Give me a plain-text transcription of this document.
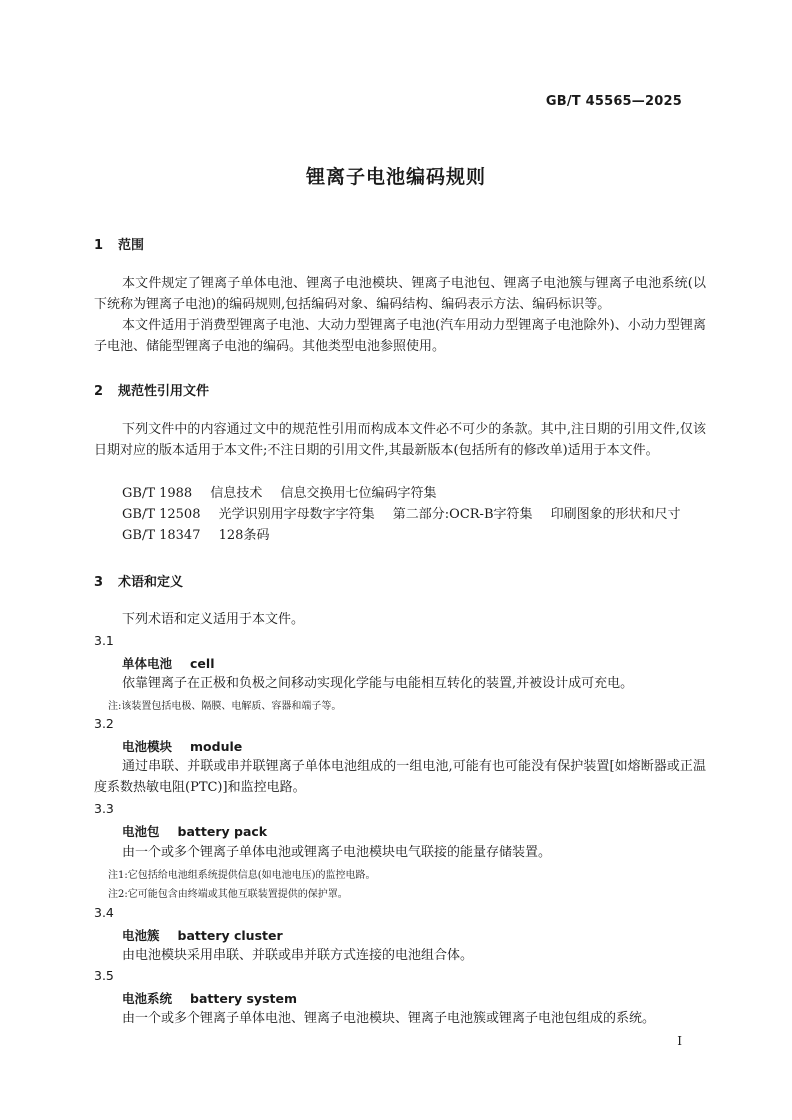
GB/T 45565—2025
锂离子电池编码规则
1 范围
本文件规定了锂离子单体电池、锂离子电池模块、锂离子电池包、锂离子电池簇与锂离子电池系统(以下统称为锂离子电池)的编码规则,包括编码对象、编码结构、编码表示方法、编码标识等。
本文件适用于消费型锂离子电池、大动力型锂离子电池(汽车用动力型锂离子电池除外)、小动力型锂离子电池、储能型锂离子电池的编码。其他类型电池参照使用。
2 规范性引用文件
下列文件中的内容通过文中的规范性引用而构成本文件必不可少的条款。其中,注日期的引用文件,仅该日期对应的版本适用于本文件;不注日期的引用文件,其最新版本(包括所有的修改单)适用于本文件。
GB/T 1988 信息技术 信息交换用七位编码字符集
GB/T 12508 光学识别用字母数字字符集 第二部分:OCR-B字符集 印刷图象的形状和尺寸
GB/T 18347 128条码
3 术语和定义
下列术语和定义适用于本文件。
3.1
单体电池 cell
依靠锂离子在正极和负极之间移动实现化学能与电能相互转化的装置,并被设计成可充电。
注:该装置包括电极、隔膜、电解质、容器和端子等。
3.2
电池模块 module
通过串联、并联或串并联锂离子单体电池组成的一组电池,可能有也可能没有保护装置[如熔断器或正温度系数热敏电阻(PTC)]和监控电路。
3.3
电池包 battery pack
由一个或多个锂离子单体电池或锂离子电池模块电气联接的能量存储装置。
注1:它包括给电池组系统提供信息(如电池电压)的监控电路。
注2:它可能包含由终端或其他互联装置提供的保护罩。
3.4
电池簇 battery cluster
由电池模块采用串联、并联或串并联方式连接的电池组合体。
3.5
电池系统 battery system
由一个或多个锂离子单体电池、锂离子电池模块、锂离子电池簇或锂离子电池包组成的系统。
I
